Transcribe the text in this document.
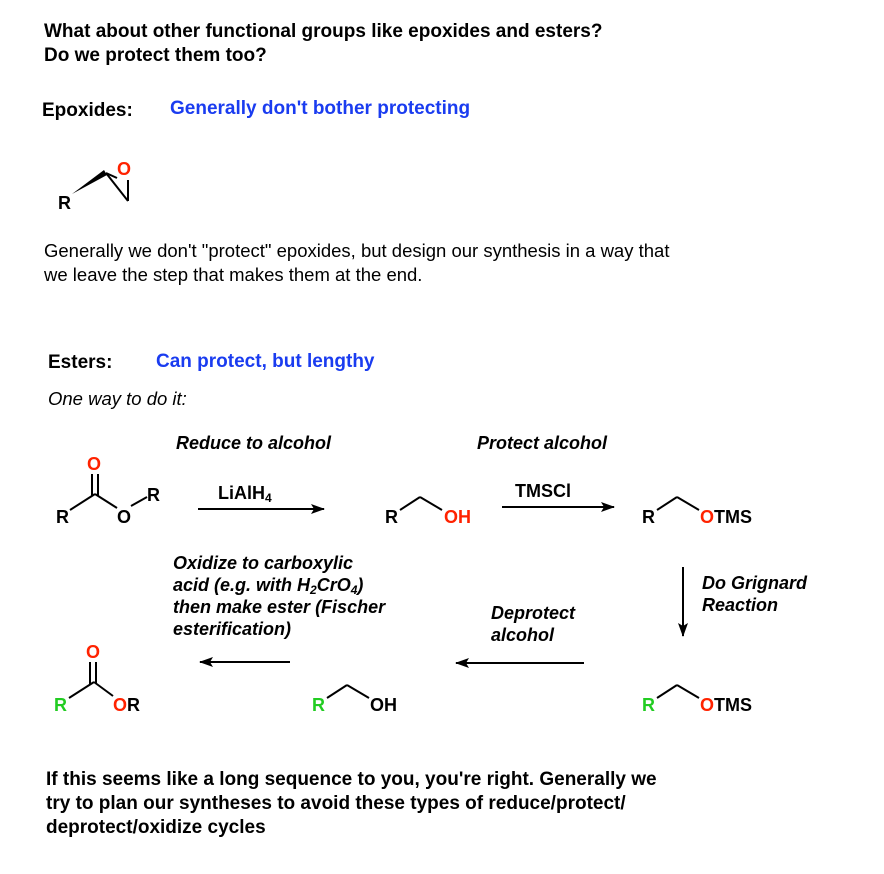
What about other functional groups like epoxides and esters?
Do we protect them too?
Epoxides: Generally don't bother protecting
R
O
Generally we don't "protect" epoxides, but design our synthesis in a way that
we leave the step that makes them at the end.
Esters: Can protect, but lengthy
One way to do it:
Reduce to alcohol	Protect alcohol
LiAlH$_4$	TMSCl
O
R	O
R
R	OH	R	OTMS
Do Grignard
Reaction
R	OTMS
Deprotect
alcohol
R	OH
Oxidize to carboxylic
acid (e.g. with $H_2CrO_4$)
then make ester (Fischer
esterification)
O
R	OR
If this seems like a long sequence to you, you're right. Generally we
try to plan our syntheses to avoid these types of reduce/protect/
deprotect/oxidize cycles
